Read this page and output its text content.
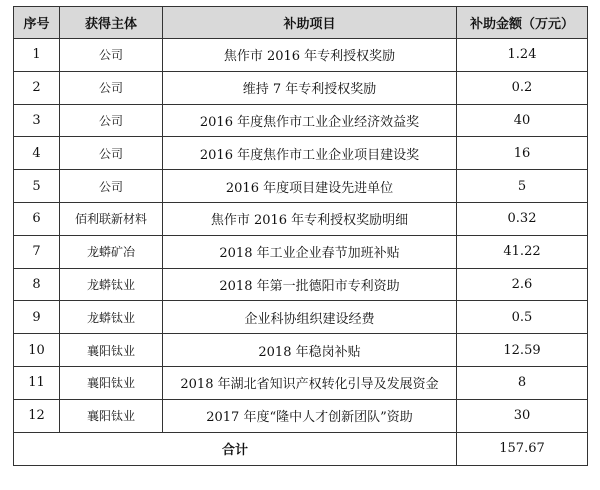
序号	获得主体	补助项目	补助金额（万元）
1	公司	焦作市 2016 年专利授权奖励	1.24
2	公司	维持 7 年专利授权奖励	0.2
3	公司	2016 年度焦作市工业企业经济效益奖	40
4	公司	2016 年度焦作市工业企业项目建设奖	16
5	公司	2016 年度项目建设先进单位	5
6	佰利联新材料	焦作市 2016 年专利授权奖励明细	0.32
7	龙蟒矿冶	2018 年工业企业春节加班补贴	41.22
8	龙蟒钛业	2018 年第一批德阳市专利资助	2.6
9	龙蟒钛业	企业科协组织建设经费	0.5
10	襄阳钛业	2018 年稳岗补贴	12.59
11	襄阳钛业	2018 年湖北省知识产权转化引导及发展资金	8
12	襄阳钛业	2017 年度“隆中人才创新团队”资助	30
合计			157.67
